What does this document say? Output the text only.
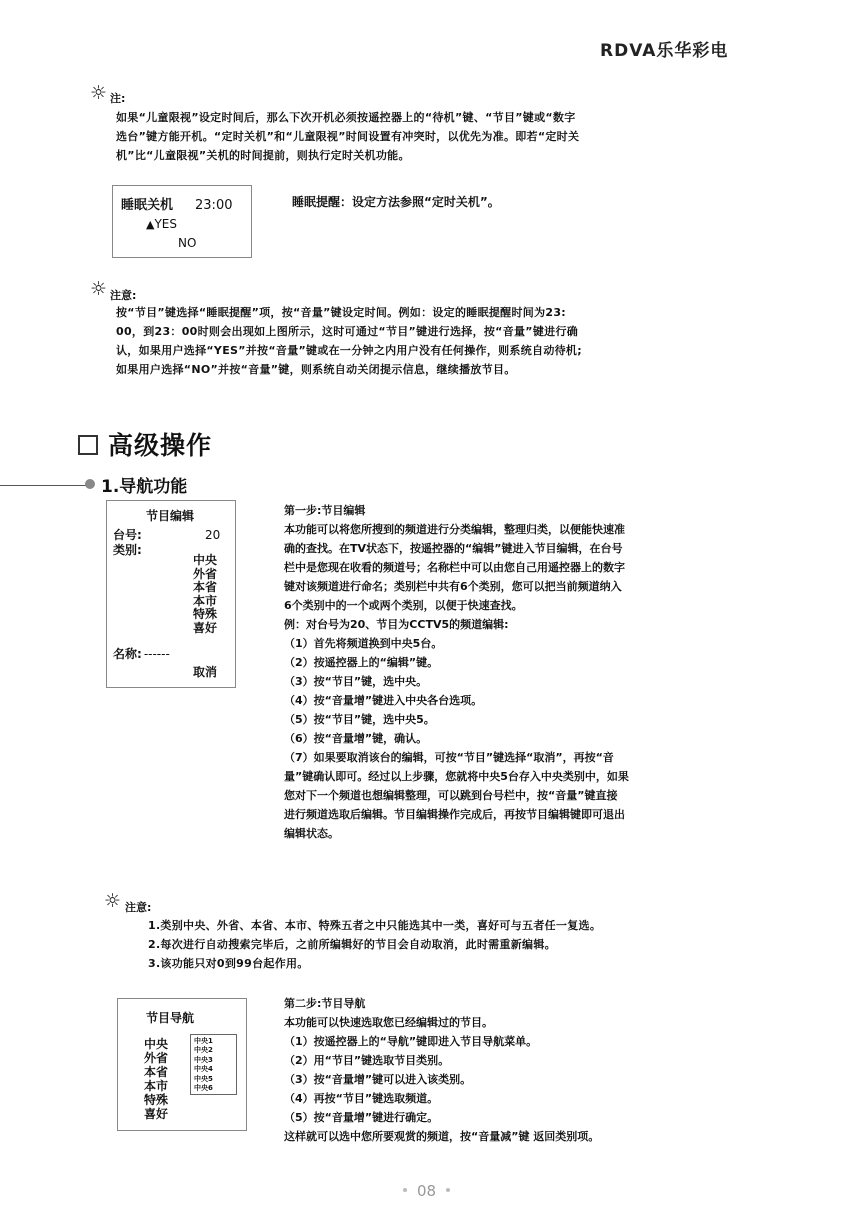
RDVA乐华彩电
☼ 注:
如果“儿童限视”设定时间后，那么下次开机必须按遥控器上的“待机”键、“节目”键或“数字
选台”键方能开机。“定时关机”和“儿童限视”时间设置有冲突时，以优先为准。即若“定时关
机”比“儿童限视”关机的时间提前，则执行定时关机功能。
睡眠关机 23:00
▲YES
NO
睡眠提醒：设定方法参照“定时关机”。
☼ 注意:
按“节目”键选择“睡眠提醒”项，按“音量”键设定时间。例如：设定的睡眠提醒时间为23:
00，到23：00时则会出现如上图所示，这时可通过“节目”键进行选择，按“音量”键进行确
认，如果用户选择“YES”并按“音量”键或在一分钟之内用户没有任何操作，则系统自动待机;
如果用户选择“NO”并按“音量”键，则系统自动关闭提示信息，继续播放节目。
高级操作
1.导航功能
节目编辑
台号:	20
类别:
中央
外省
本省
本市
特殊
喜好
名称: ------
取消
第一步:节目编辑
本功能可以将您所搜到的频道进行分类编辑，整理归类，以便能快速准
确的查找。在TV状态下，按遥控器的“编辑”键进入节目编辑，在台号
栏中是您现在收看的频道号；名称栏中可以由您自己用遥控器上的数字
键对该频道进行命名；类别栏中共有6个类别，您可以把当前频道纳入
6个类别中的一个或两个类别，以便于快速查找。
例：对台号为20、节目为CCTV5的频道编辑:
（1）首先将频道换到中央5台。
（2）按遥控器上的“编辑”键。
（3）按“节目”键，选中央。
（4）按“音量增”键进入中央各台选项。
（5）按“节目”键，选中央5。
（6）按“音量增”键，确认。
（7）如果要取消该台的编辑，可按“节目”键选择“取消”，再按“音
量”键确认即可。经过以上步骤，您就将中央5台存入中央类别中，如果
您对下一个频道也想编辑整理，可以跳到台号栏中，按“音量”键直接
进行频道选取后编辑。节目编辑操作完成后，再按节目编辑键即可退出
编辑状态。
☼ 注意:
1.类别中央、外省、本省、本市、特殊五者之中只能选其中一类，喜好可与五者任一复选。
2.每次进行自动搜索完毕后，之前所编辑好的节目会自动取消，此时需重新编辑。
3.该功能只对0到99台起作用。
节目导航
中央
外省
本省
本市
特殊
喜好
中央1
中央2
中央3
中央4
中央5
中央6
第二步:节目导航
本功能可以快速选取您已经编辑过的节目。
（1）按遥控器上的“导航”键即进入节目导航菜单。
（2）用“节目”键选取节目类别。
（3）按“音量增”键可以进入该类别。
（4）再按“节目”键选取频道。
（5）按“音量增”键进行确定。
这样就可以选中您所要观赏的频道，按“音量减”键 返回类别项。
08
